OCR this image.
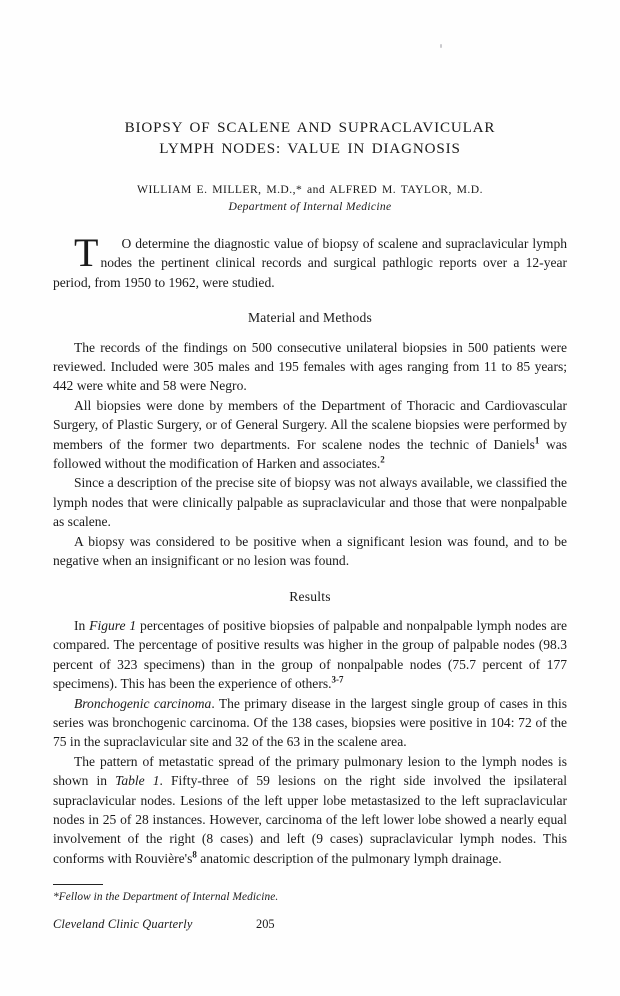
BIOPSY OF SCALENE AND SUPRACLAVICULAR
LYMPH NODES: VALUE IN DIAGNOSIS
WILLIAM E. MILLER, M.D.,* and ALFRED M. TAYLOR, M.D.
Department of Internal Medicine

T O determine the diagnostic value of biopsy of scalene and supraclavicular lymph nodes the pertinent clinical records and surgical pathlogic reports over a 12-year period, from 1950 to 1962, were studied.

Material and Methods

The records of the findings on 500 consecutive unilateral biopsies in 500 patients were reviewed. Included were 305 males and 195 females with ages ranging from 11 to 85 years; 442 were white and 58 were Negro.

All biopsies were done by members of the Department of Thoracic and Cardiovascular Surgery, of Plastic Surgery, or of General Surgery. All the scalene biopsies were performed by members of the former two departments. For scalene nodes the technic of Daniels$^1$ was followed without the modification of Harken and associates.$^2$

Since a description of the precise site of biopsy was not always available, we classified the lymph nodes that were clinically palpable as supraclavicular and those that were nonpalpable as scalene.

A biopsy was considered to be positive when a significant lesion was found, and to be negative when an insignificant or no lesion was found.

Results

In Figure 1 percentages of positive biopsies of palpable and nonpalpable lymph nodes are compared. The percentage of positive results was higher in the group of palpable nodes (98.3 percent of 323 specimens) than in the group of nonpalpable nodes (75.7 percent of 177 specimens). This has been the experience of others.$^{3-7}$

Bronchogenic carcinoma. The primary disease in the largest single group of cases in this series was bronchogenic carcinoma. Of the 138 cases, biopsies were positive in 104: 72 of the 75 in the supraclavicular site and 32 of the 63 in the scalene area.

The pattern of metastatic spread of the primary pulmonary lesion to the lymph nodes is shown in Table 1. Fifty-three of 59 lesions on the right side involved the ipsilateral supraclavicular nodes. Lesions of the left upper lobe metastasized to the left supraclavicular nodes in 25 of 28 instances. However, carcinoma of the left lower lobe showed a nearly equal involvement of the right (8 cases) and left (9 cases) supraclavicular lymph nodes. This conforms with $Rouvière's^8$ anatomic description of the pulmonary lymph drainage.

*Fellow in the Department of Internal Medicine.
Cleveland Clinic Quarterly	205
